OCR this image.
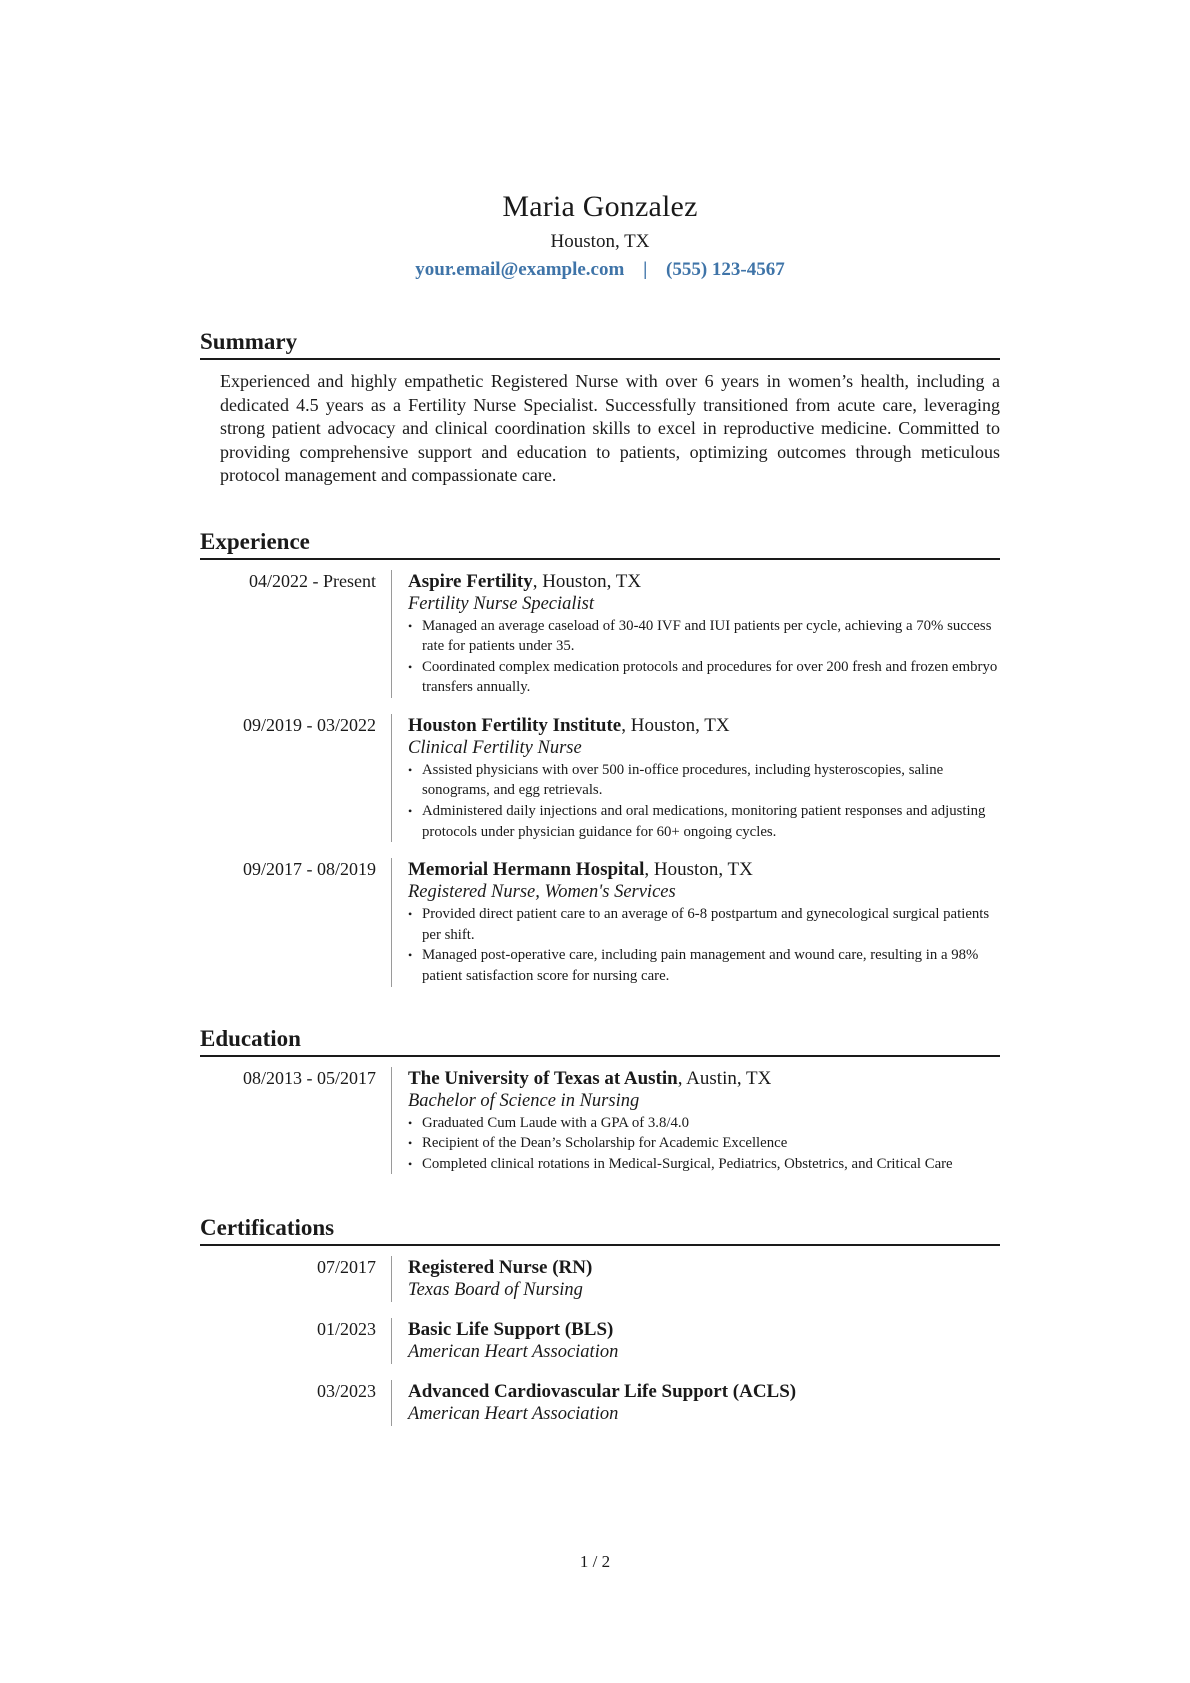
Maria Gonzalez
Houston, TX
your.email@example.com | (555) 123-4567
Summary

Experienced and highly empathetic Registered Nurse with over 6 years in women’s health, including a dedicated 4.5 years as a Fertility Nurse Specialist. Successfully transitioned from acute care, leveraging strong patient advocacy and clinical coordination skills to excel in reproductive medicine. Committed to providing comprehensive support and education to patients, optimizing outcomes through meticulous protocol management and compassionate care.

Experience
04/2022 - Present	Aspire Fertility, Houston, TX
Fertility Nurse Specialist
• Managed an average caseload of 30-40 IVF and IUI patients per cycle, achieving a 70% success rate for patients under 35.
• Coordinated complex medication protocols and procedures for over 200 fresh and frozen embryo transfers annually.
09/2019 - 03/2022	Houston Fertility Institute, Houston, TX
Clinical Fertility Nurse
• Assisted physicians with over 500 in-office procedures, including hysteroscopies, saline sonograms, and egg retrievals.
• Administered daily injections and oral medications, monitoring patient responses and adjusting protocols under physician guidance for 60+ ongoing cycles.
09/2017 - 08/2019	Memorial Hermann Hospital, Houston, TX
Registered Nurse, Women's Services
• Provided direct patient care to an average of 6-8 postpartum and gynecological surgical patients per shift.
• Managed post-operative care, including pain management and wound care, resulting in a 98% patient satisfaction score for nursing care.
Education
08/2013 - 05/2017	The University of Texas at Austin, Austin, TX
Bachelor of Science in Nursing
• Graduated Cum Laude with a GPA of 3.8/4.0
• Recipient of the Dean’s Scholarship for Academic Excellence
• Completed clinical rotations in Medical-Surgical, Pediatrics, Obstetrics, and Critical Care
Certifications
07/2017	Registered Nurse (RN)
Texas Board of Nursing
01/2023	Basic Life Support (BLS)
American Heart Association
03/2023	Advanced Cardiovascular Life Support (ACLS)
American Heart Association
1 / 2
